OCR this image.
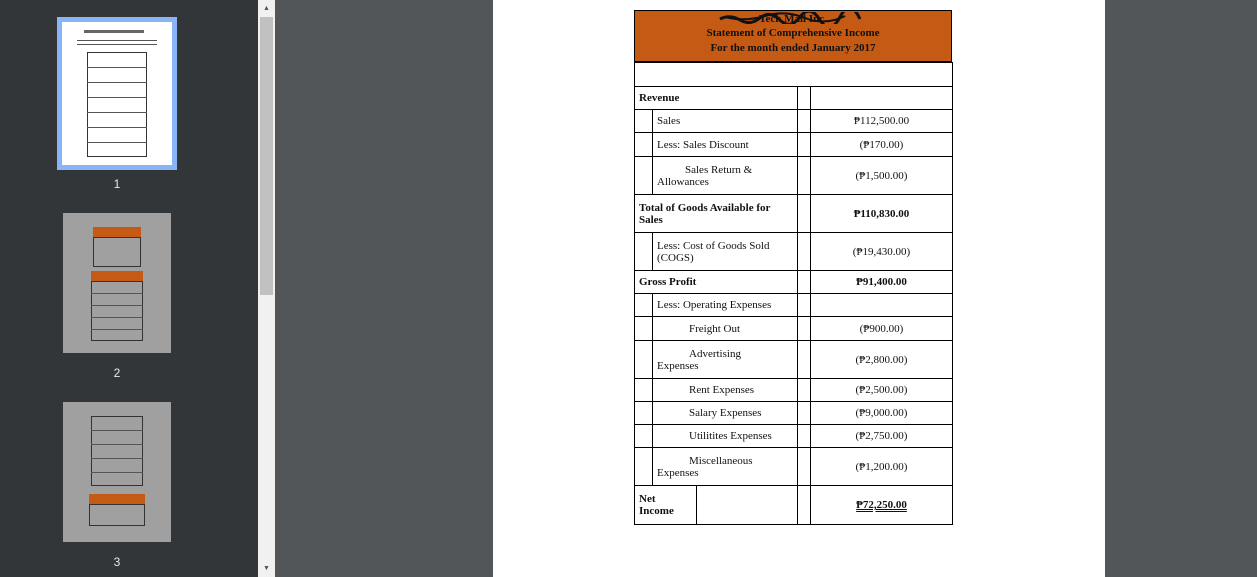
1
2
3
▲
▼
Tech Mall Inc.
Statement of Comprehensive Income
For the month ended January 2017

Revenue			
	Sales		₱112,500.00
	Less: Sales Discount		(₱170.00)

	Sales Return &
Allowances		(₱1,500.00)

Total of Goods Available for
Sales			₱110,830.00

	Less: Cost of Goods Sold
(COGS)		(₱19,430.00)
Gross Profit			₱91,400.00
	Less: Operating Expenses		
	Freight Out		(₱900.00)

	Advertising
Expenses		(₱2,800.00)
	Rent Expenses		(₱2,500.00)
	Salary Expenses		(₱9,000.00)
	Utilitites Expenses		(₱2,750.00)

	Miscellaneous
Expenses		(₱1,200.00)

Net
Income			₱72,250.00
